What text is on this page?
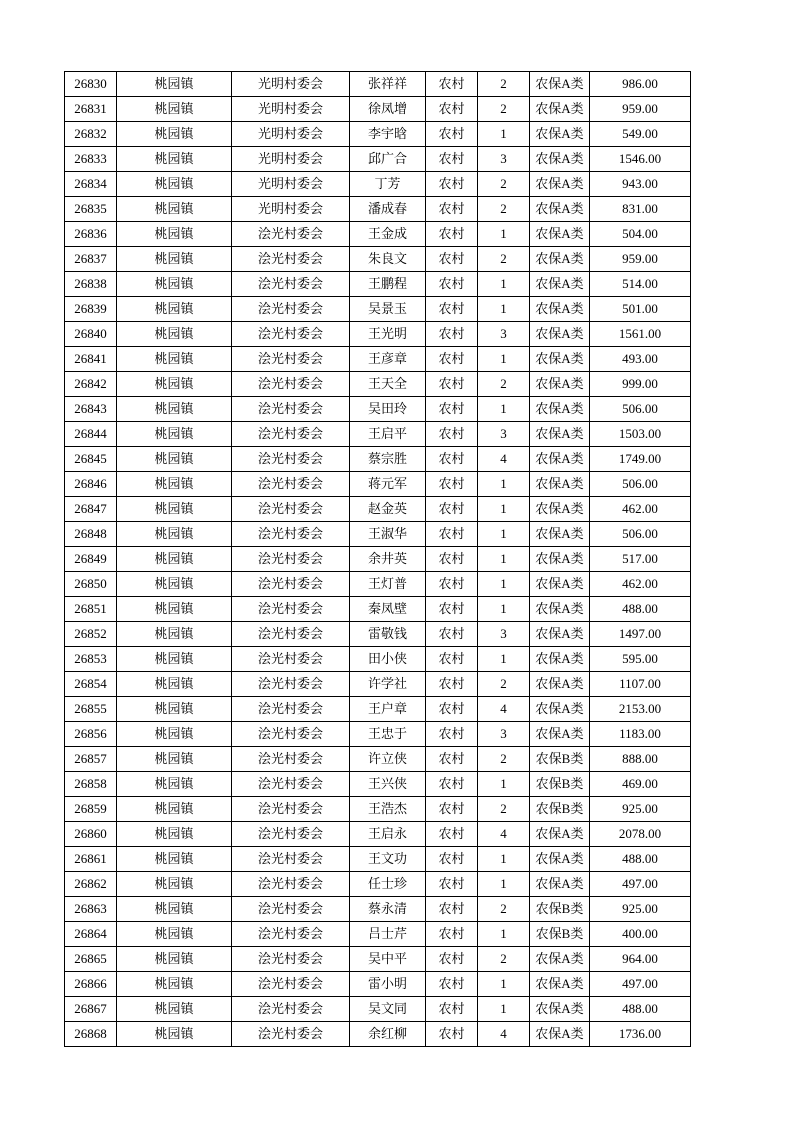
26830	桃园镇	光明村委会	张祥祥	农村	2	农保A类	986.00
26831	桃园镇	光明村委会	徐凤增	农村	2	农保A类	959.00
26832	桃园镇	光明村委会	李宇晗	农村	1	农保A类	549.00
26833	桃园镇	光明村委会	邱广合	农村	3	农保A类	1546.00
26834	桃园镇	光明村委会	丁芳	农村	2	农保A类	943.00
26835	桃园镇	光明村委会	潘成春	农村	2	农保A类	831.00
26836	桃园镇	浍光村委会	王金成	农村	1	农保A类	504.00
26837	桃园镇	浍光村委会	朱良文	农村	2	农保A类	959.00
26838	桃园镇	浍光村委会	王鹏程	农村	1	农保A类	514.00
26839	桃园镇	浍光村委会	吴景玉	农村	1	农保A类	501.00
26840	桃园镇	浍光村委会	王光明	农村	3	农保A类	1561.00
26841	桃园镇	浍光村委会	王彦章	农村	1	农保A类	493.00
26842	桃园镇	浍光村委会	王天全	农村	2	农保A类	999.00
26843	桃园镇	浍光村委会	吴田玲	农村	1	农保A类	506.00
26844	桃园镇	浍光村委会	王启平	农村	3	农保A类	1503.00
26845	桃园镇	浍光村委会	蔡宗胜	农村	4	农保A类	1749.00
26846	桃园镇	浍光村委会	蒋元军	农村	1	农保A类	506.00
26847	桃园镇	浍光村委会	赵金英	农村	1	农保A类	462.00
26848	桃园镇	浍光村委会	王淑华	农村	1	农保A类	506.00
26849	桃园镇	浍光村委会	余井英	农村	1	农保A类	517.00
26850	桃园镇	浍光村委会	王灯普	农村	1	农保A类	462.00
26851	桃园镇	浍光村委会	秦凤壁	农村	1	农保A类	488.00
26852	桃园镇	浍光村委会	雷敬钱	农村	3	农保A类	1497.00
26853	桃园镇	浍光村委会	田小侠	农村	1	农保A类	595.00
26854	桃园镇	浍光村委会	许学社	农村	2	农保A类	1107.00
26855	桃园镇	浍光村委会	王户章	农村	4	农保A类	2153.00
26856	桃园镇	浍光村委会	王忠于	农村	3	农保A类	1183.00
26857	桃园镇	浍光村委会	许立侠	农村	2	农保B类	888.00
26858	桃园镇	浍光村委会	王兴侠	农村	1	农保B类	469.00
26859	桃园镇	浍光村委会	王浩杰	农村	2	农保B类	925.00
26860	桃园镇	浍光村委会	王启永	农村	4	农保A类	2078.00
26861	桃园镇	浍光村委会	王文功	农村	1	农保A类	488.00
26862	桃园镇	浍光村委会	任士珍	农村	1	农保A类	497.00
26863	桃园镇	浍光村委会	蔡永清	农村	2	农保B类	925.00
26864	桃园镇	浍光村委会	吕士芹	农村	1	农保B类	400.00
26865	桃园镇	浍光村委会	吴中平	农村	2	农保A类	964.00
26866	桃园镇	浍光村委会	雷小明	农村	1	农保A类	497.00
26867	桃园镇	浍光村委会	吴文同	农村	1	农保A类	488.00
26868	桃园镇	浍光村委会	余红柳	农村	4	农保A类	1736.00
